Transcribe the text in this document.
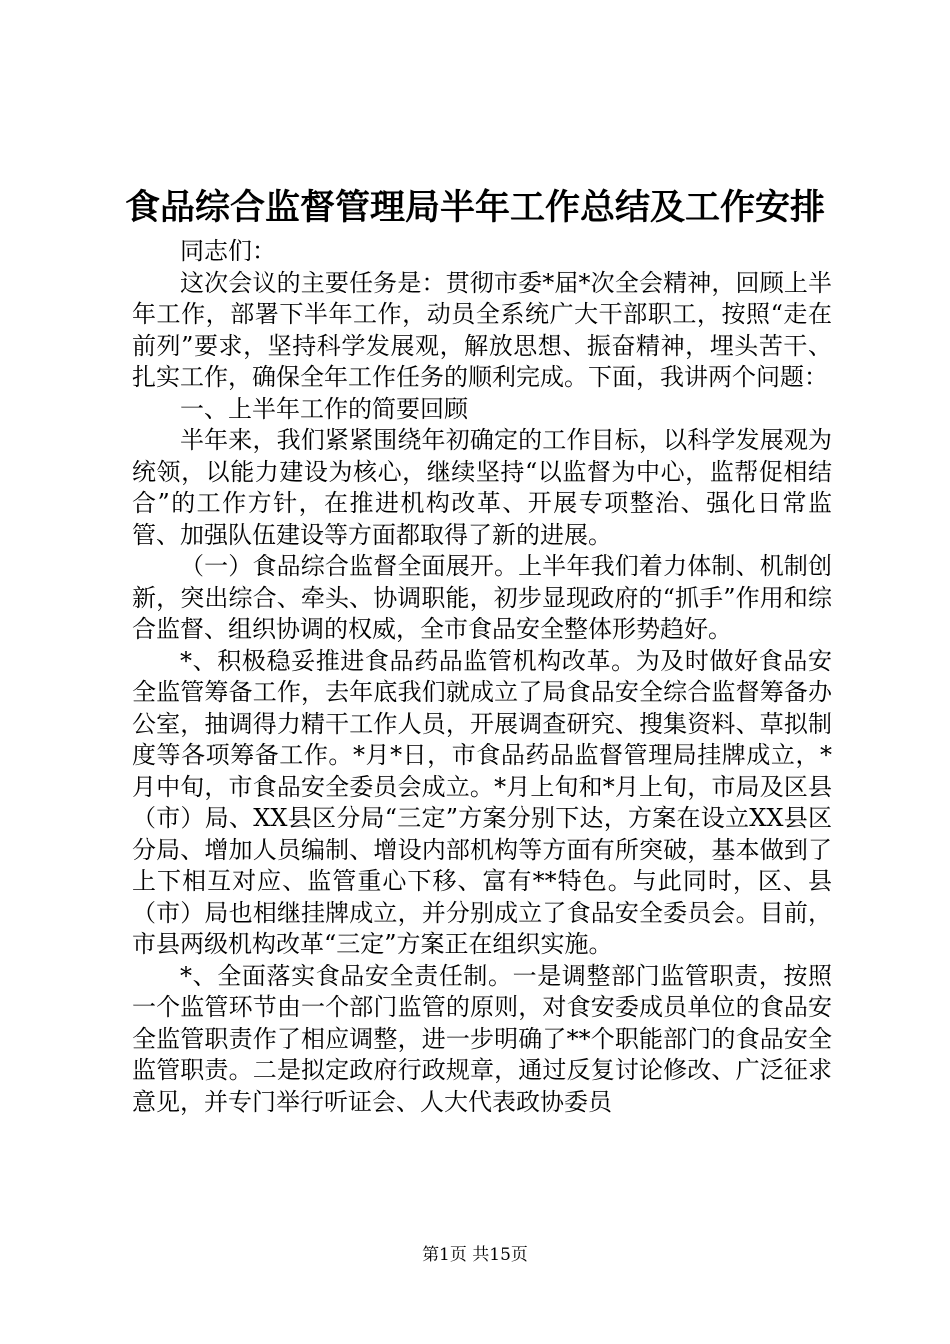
食品综合监督管理局半年工作总结及工作安排

同志们：

这次会议的主要任务是：贯彻市委*届*次全会精神，回顾上半年工作，部署下半年工作，动员全系统广大干部职工，按照“走在前列”要求，坚持科学发展观，解放思想、振奋精神，埋头苦干、扎实工作，确保全年工作任务的顺利完成。下面，我讲两个问题：

一、上半年工作的简要回顾

半年来，我们紧紧围绕年初确定的工作目标，以科学发展观为统领，以能力建设为核心，继续坚持“以监督为中心，监帮促相结合”的工作方针，在推进机构改革、开展专项整治、强化日常监管、加强队伍建设等方面都取得了新的进展。

（一）食品综合监督全面展开。上半年我们着力体制、机制创新，突出综合、牵头、协调职能，初步显现政府的“抓手”作用和综合监督、组织协调的权威，全市食品安全整体形势趋好。

*、积极稳妥推进食品药品监管机构改革。为及时做好食品安全监管筹备工作，去年底我们就成立了局食品安全综合监督筹备办公室，抽调得力精干工作人员，开展调查研究、搜集资料、草拟制度等各项筹备工作。*月*日，市食品药品监督管理局挂牌成立，*月中旬，市食品安全委员会成立。*月上旬和*月上旬，市局及区县（市）局、XX县区分局“三定”方案分别下达，方案在设立XX县区分局、增加人员编制、增设内部机构等方面有所突破，基本做到了上下相互对应、监管重心下移、富有**特色。与此同时，区、县（市）局也相继挂牌成立，并分别成立了食品安全委员会。目前，市县两级机构改革“三定”方案正在组织实施。

*、全面落实食品安全责任制。一是调整部门监管职责，按照一个监管环节由一个部门监管的原则，对食安委成员单位的食品安全监管职责作了相应调整，进一步明确了**个职能部门的食品安全监管职责。二是拟定政府行政规章，通过反复讨论修改、广泛征求意见，并专门举行听证会、人大代表政协委员

第1页 共15页
